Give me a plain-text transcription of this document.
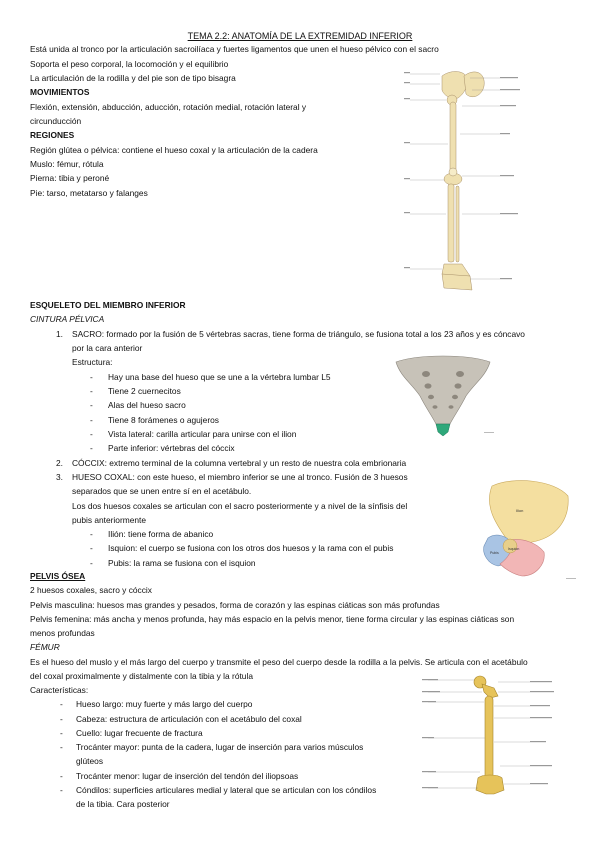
TEMA 2.2: ANATOMÍA DE LA EXTREMIDAD INFERIOR
Está unida al tronco por la articulación sacroilíaca y fuertes ligamentos que unen el hueso pélvico con el sacro
Soporta el peso corporal, la locomoción y el equilibrio
La articulación de la rodilla y del pie son de tipo bisagra
MOVIMIENTOS
Flexión, extensión, abducción, aducción, rotación medial, rotación lateral y
circunducción
REGIONES
Región glútea o pélvica: contiene el hueso coxal y la articulación de la cadera
Muslo: fémur, rótula
Pierna: tibia y peroné
Pie: tarso, metatarso y falanges
ESQUELETO DEL MIEMBRO INFERIOR
CINTURA PÉLVICA
1. SACRO: formado por la fusión de 5 vértebras sacras, tiene forma de triángulo, se fusiona total a los 23 años y es cóncavo
por la cara anterior
Estructura:
- Hay una base del hueso que se une a la vértebra lumbar L5
- Tiene 2 cuernecitos
- Alas del hueso sacro
- Tiene 8 forámenes o agujeros
- Vista lateral: carilla articular para unirse con el ilion
- Parte inferior: vértebras del cóccix
2. CÓCCIX: extremo terminal de la columna vertebral y un resto de nuestra cola embrionaria
3. HUESO COXAL: con este hueso, el miembro inferior se une al tronco. Fusión de 3 huesos
separados que se unen entre sí en el acetábulo.
Los dos huesos coxales se articulan con el sacro posteriormente y a nivel de la sínfisis del
pubis anteriormente
- Ilión: tiene forma de abanico
- Isquion: el cuerpo se fusiona con los otros dos huesos y la rama con el pubis
- Pubis: la rama se fusiona con el isquion
Ilion
Isquion
Pubis
PELVIS ÓSEA
2 huesos coxales, sacro y cóccix
Pelvis masculina: huesos mas grandes y pesados, forma de corazón y las espinas ciáticas son más profundas
Pelvis femenina: más ancha y menos profunda, hay más espacio en la pelvis menor, tiene forma circular y las espinas ciáticas son
menos profundas
FÉMUR
Es el hueso del muslo y el más largo del cuerpo y transmite el peso del cuerpo desde la rodilla a la pelvis. Se articula con el acetábulo
del coxal proximalmente y distalmente con la tibia y la rótula
Características:
- Hueso largo: muy fuerte y más largo del cuerpo
- Cabeza: estructura de articulación con el acetábulo del coxal
- Cuello: lugar frecuente de fractura
- Trocánter mayor: punta de la cadera, lugar de inserción para varios músculos
glúteos
- Trocánter menor: lugar de inserción del tendón del iliopsoas
- Cóndilos: superficies articulares medial y lateral que se articulan con los cóndilos
de la tibia. Cara posterior
